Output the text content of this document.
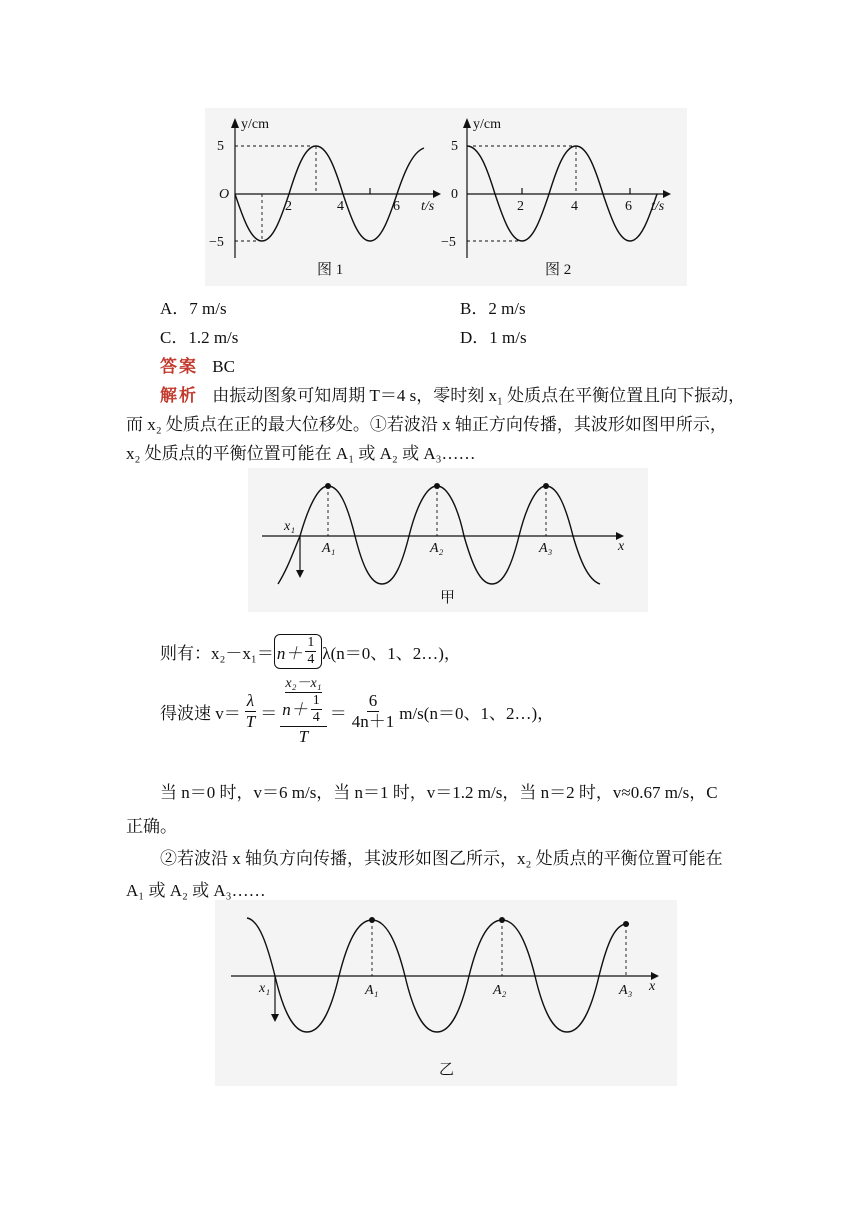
y/cm
5
O
−5
2	4	6 t/s
图 1
y/cm
5
0
−5
2	4	6 t/s
图 2
A．7 m/s	B．2 m/s
C．1.2 m/s	D．1 m/s
答案 BC
解析 由振动图象可知周期 T＝4 s，零时刻 x₁ 处质点在平衡位置且向下振动，
而 x₂ 处质点在正的最大位移处。①若波沿 x 轴正方向传播，其波形如图甲所示，
x₂ 处质点的平衡位置可能在 A₁ 或 A₂ 或 A₃……
x₁
A₁	A₂	A₃	x
甲
则有：$x_2-x_1= n+ \frac{1}{4} \lambda(n=0$、1、2…)，
得波速 $v= \frac{\lambda}{T} = x_2-x_1$
$n+ \frac{1}{4}$
$T = \frac{6}{4n+1} m/s(n=0$、1、2…)，
当 n＝0 时，v＝6 m/s，当 n＝1 时，v＝1.2 m/s，当 n＝2 时，v≈0.67 m/s，C
正确。
②若波沿 x 轴负方向传播，其波形如图乙所示，x₂ 处质点的平衡位置可能在
A₁ 或 A₂ 或 A₃……
x₁	A₁	A₂	A₃ x
乙
